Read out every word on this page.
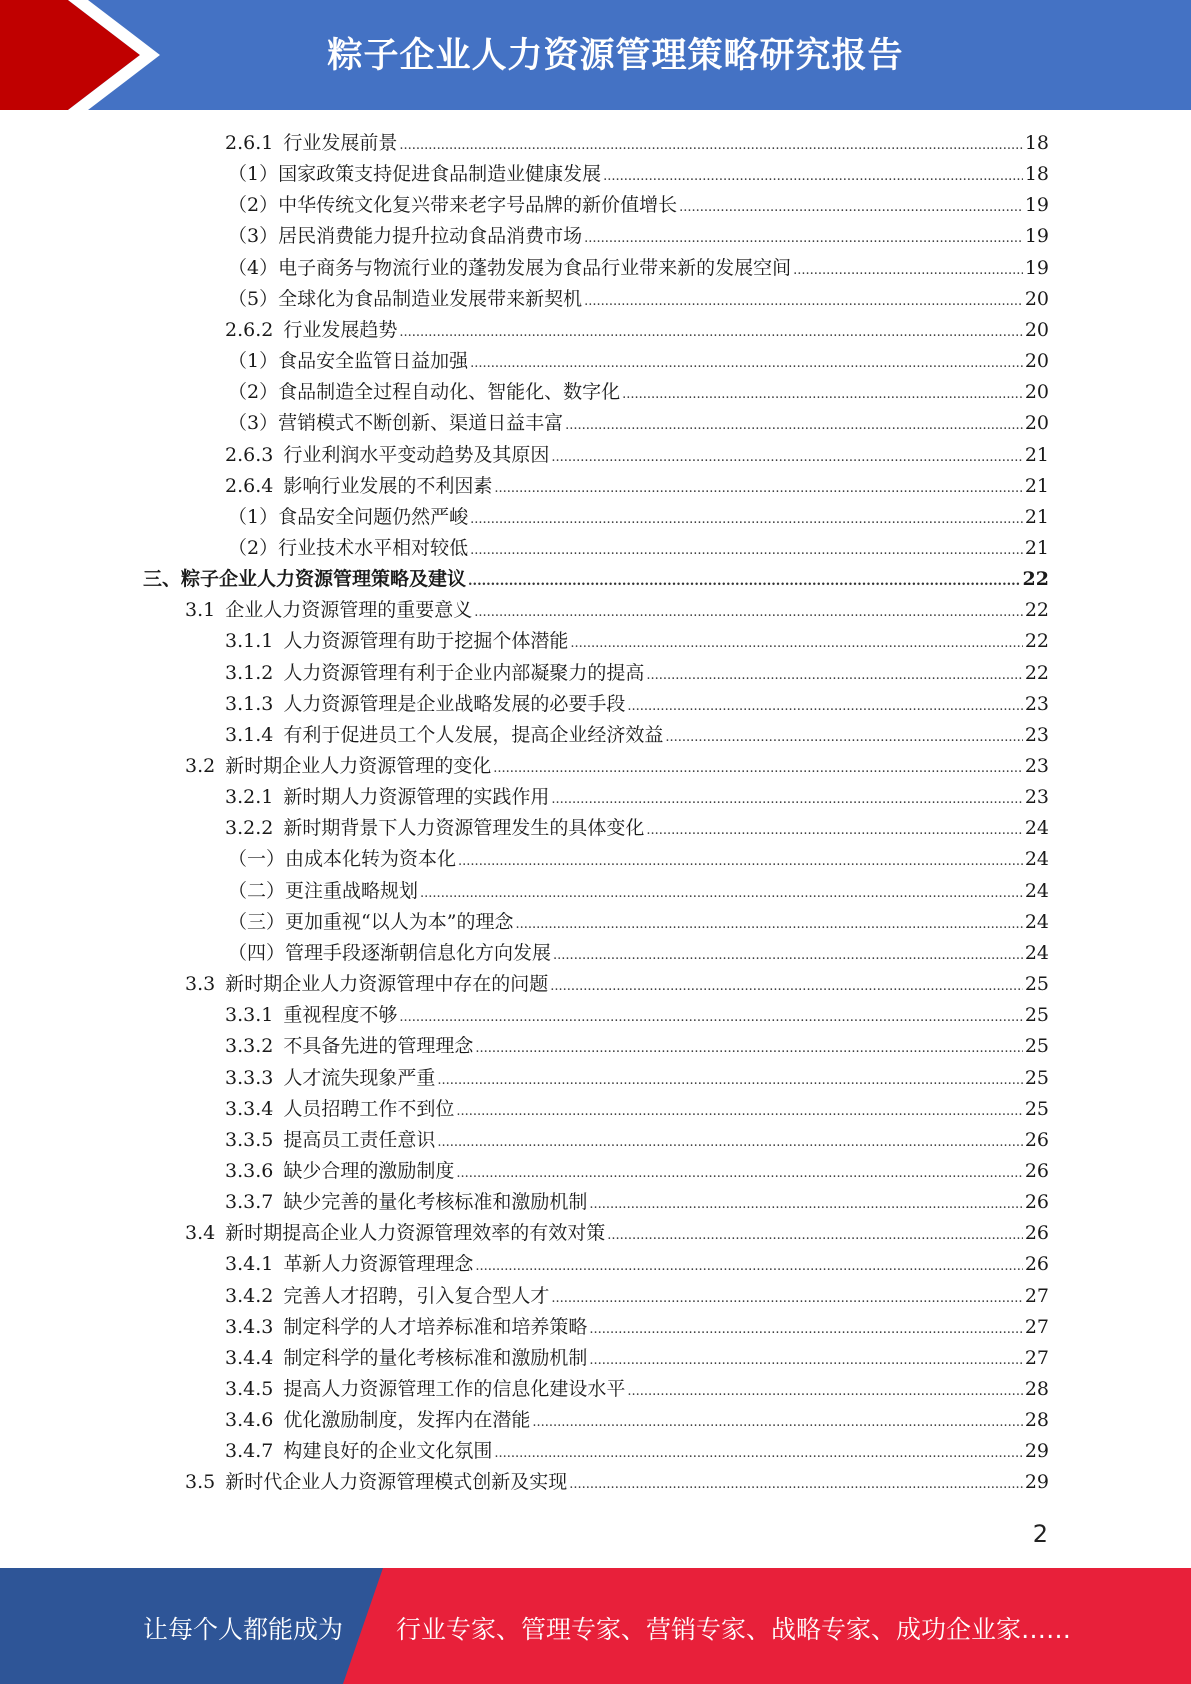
粽子企业人力资源管理策略研究报告
2.6.1 行业发展前景 .....	18
（1） 国家政策支持促进食品制造业健康发展 .....	18
（2） 中华传统文化复兴带来老字号品牌的新价值增长 .....	19
（3） 居民消费能力提升拉动食品消费市场 .....	19
（4） 电子商务与物流行业的蓬勃发展为食品行业带来新的发展空间 .....	19
（5） 全球化为食品制造业发展带来新契机 .....	20
2.6.2 行业发展趋势 .....	20
（1） 食品安全监管日益加强 .....	20
（2） 食品制造全过程自动化、智能化、数字化 .....	20
（3） 营销模式不断创新、渠道日益丰富 .....	20
2.6.3 行业利润水平变动趋势及其原因 .....	21
2.6.4 影响行业发展的不利因素 .....	21
（1） 食品安全问题仍然严峻 .....	21
（2） 行业技术水平相对较低 .....	21
三、 粽子企业人力资源管理策略及建议 .....	22
3.1 企业人力资源管理的重要意义 .....	22
3.1.1 人力资源管理有助于挖掘个体潜能 .....	22
3.1.2 人力资源管理有利于企业内部凝聚力的提高 .....	22
3.1.3 人力资源管理是企业战略发展的必要手段 .....	23
3.1.4 有利于促进员工个人发展，提高企业经济效益 .....	23
3.2 新时期企业人力资源管理的变化 .....	23
3.2.1 新时期人力资源管理的实践作用 .....	23
3.2.2 新时期背景下人力资源管理发生的具体变化 .....	24
（一） 由成本化转为资本化 .....	24
（二） 更注重战略规划 .....	24
（三） 更加重视“以人为本”的理念 .....	24
（四） 管理手段逐渐朝信息化方向发展 .....	24
3.3 新时期企业人力资源管理中存在的问题 .....	25
3.3.1 重视程度不够 .....	25
3.3.2 不具备先进的管理理念 .....	25
3.3.3 人才流失现象严重 .....	25
3.3.4 人员招聘工作不到位 .....	25
3.3.5 提高员工责任意识 .....	26
3.3.6 缺少合理的激励制度 .....	26
3.3.7 缺少完善的量化考核标准和激励机制 .....	26
3.4 新时期提高企业人力资源管理效率的有效对策 .....	26
3.4.1 革新人力资源管理理念 .....	26
3.4.2 完善人才招聘，引入复合型人才 .....	27
3.4.3 制定科学的人才培养标准和培养策略 .....	27
3.4.4 制定科学的量化考核标准和激励机制 .....	27
3.4.5 提高人力资源管理工作的信息化建设水平 .....	28
3.4.6 优化激励制度，发挥内在潜能 .....	28
3.4.7 构建良好的企业文化氛围 .....	29
3.5 新时代企业人力资源管理模式创新及实现 .....	29
2
让每个人都能成为 行业专家、管理专家、营销专家、战略专家、成功企业家……
